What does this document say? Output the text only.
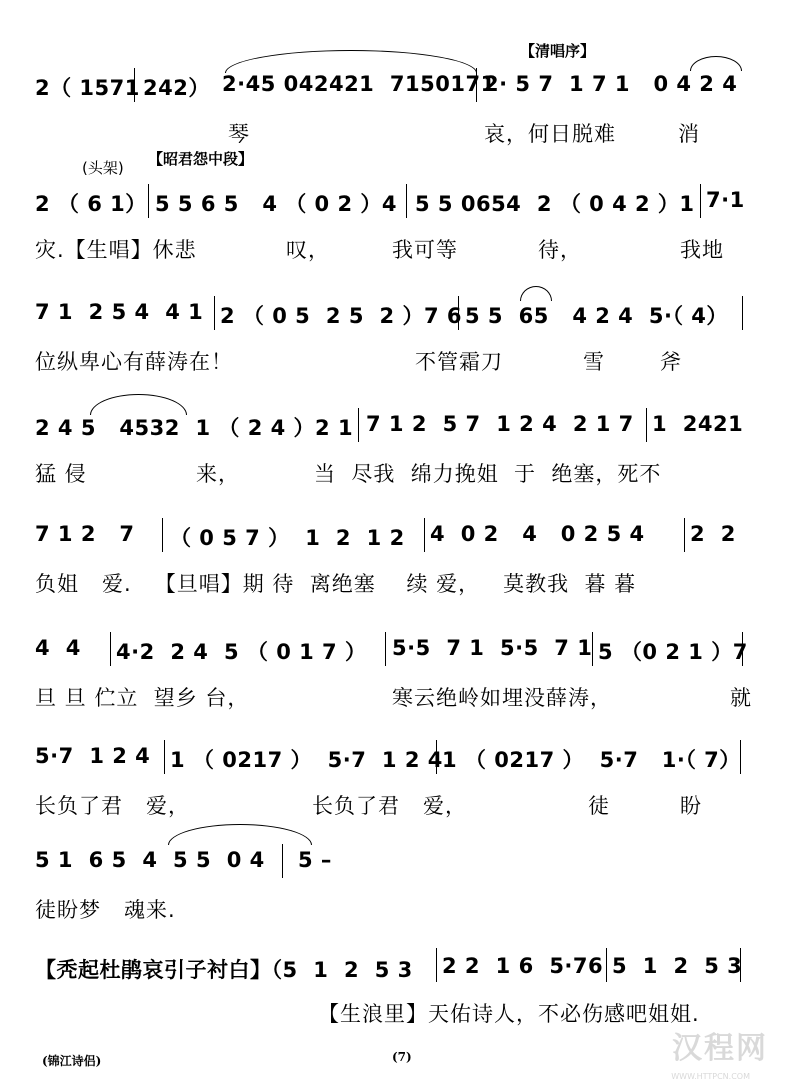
【清唱序】
2（ 1571 242） 2·45 042421  7150171
2· 5 7  1 7 1   0 4 2 4
琴	哀，何日脱难	消
(头架) 【昭君怨中段】
2 （ 6 1） 5 5 6 5   4 （ 0 2 ）4 5 5 0654  2 （ 0 4 2 ）1 7·1
灾.【生唱】休悲	叹，	我可等	待，	我地
7 1  2 5 4  4 1 2 （ 0 5  2 5  2 ）7 6 5 5  65   4 2 4  5·（ 4）
位纵卑心有薛涛在！	不管霜刀	雪	斧
2 4 5   4532  1 （ 2 4 ）2 1 7 1 2  5 7  1 2 4  2 1 7 1  2421
猛 侵	来，	当  尽我  绵力挽姐  于  绝塞，死不
7 1 2   7 （ 0 5 7 ）  1  2  1 2 4  0 2   4   0 2 5 4 2  2
负姐   爱.   【旦唱】期 待  离绝塞    续 爱，   莫教我  暮 暮
4  4 4·2  2 4  5 （ 0 1 7 ） 5·5  7 1  5·5  7 1 5 （0 2 1 ）7
旦 旦 伫立  望乡 台，	寒云绝岭如埋没薛涛，	就
5·7  1 2 4 1 （ 0217 ）  5·7  1 2 4 1 （ 0217 ）  5·7   1·（ 7）
长负了君   爱，	长负了君   爱，	徒	盼
5 1  6 5  4  5 5  0 4 5 –
徒盼梦   魂来.
【秃起杜鹃哀引子衬白】（5  1  2  5 3 2 2  1 6  5·76 5  1  2  5 3
【生浪里】天佑诗人，不必伤感吧姐姐.
(锦江诗侣)	(7)	汉程网
WWW.HTTPCN.COM
